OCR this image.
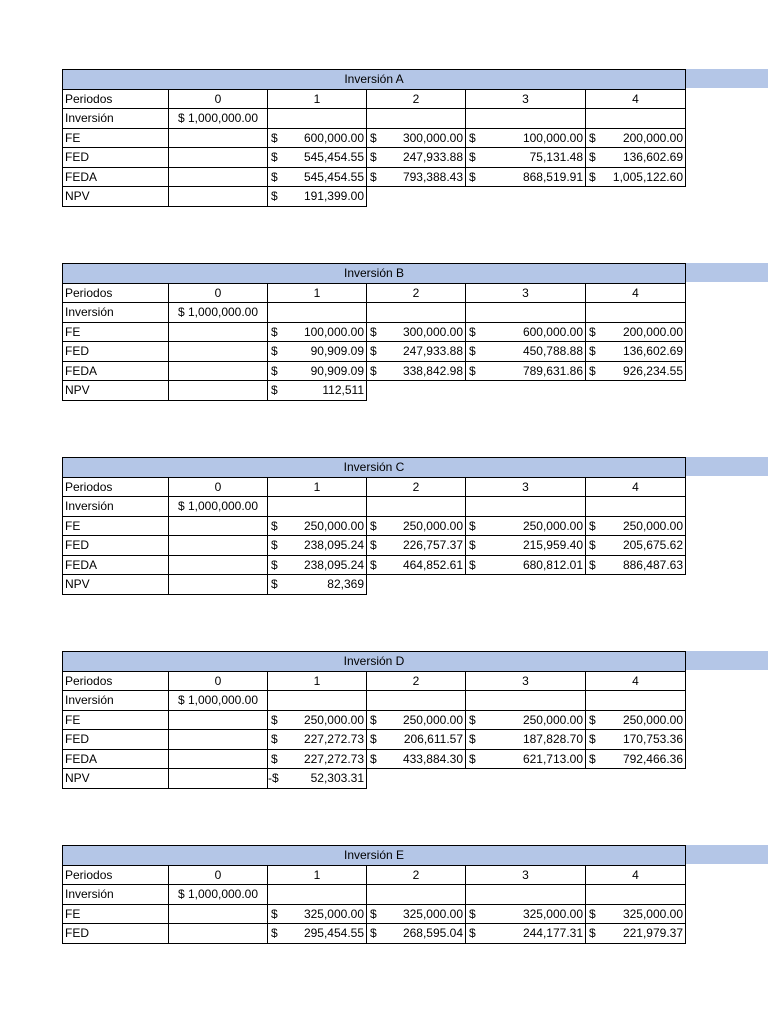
Inversión A					
Periodos	0	1	2	3	4
Inversión	$ 1,000,000.00				
FE		$ 600,000.00	$ 300,000.00	$ 100,000.00	$ 200,000.00
FED		$ 545,454.55	$ 247,933.88	$ 75,131.48	$ 136,602.69
FEDA		$ 545,454.55	$ 793,388.43	$ 868,519.91	$ 1,005,122.60
NPV		$ 191,399.00			
Inversión B					
Periodos	0	1	2	3	4
Inversión	$ 1,000,000.00				
FE		$ 100,000.00	$ 300,000.00	$ 600,000.00	$ 200,000.00
FED		$ 90,909.09	$ 247,933.88	$ 450,788.88	$ 136,602.69
FEDA		$ 90,909.09	$ 338,842.98	$ 789,631.86	$ 926,234.55
NPV		$ 112,511			
Inversión C					
Periodos	0	1	2	3	4
Inversión	$ 1,000,000.00				
FE		$ 250,000.00	$ 250,000.00	$ 250,000.00	$ 250,000.00
FED		$ 238,095.24	$ 226,757.37	$ 215,959.40	$ 205,675.62
FEDA		$ 238,095.24	$ 464,852.61	$ 680,812.01	$ 886,487.63
NPV		$ 82,369			
Inversión D					
Periodos	0	1	2	3	4
Inversión	$ 1,000,000.00				
FE		$ 250,000.00	$ 250,000.00	$ 250,000.00	$ 250,000.00
FED		$ 227,272.73	$ 206,611.57	$ 187,828.70	$ 170,753.36
FEDA		$ 227,272.73	$ 433,884.30	$ 621,713.00	$ 792,466.36
NPV		-$ 52,303.31			
Inversión E					
Periodos	0	1	2	3	4
Inversión	$ 1,000,000.00				
FE		$ 325,000.00	$ 325,000.00	$ 325,000.00	$ 325,000.00
FED		$ 295,454.55	$ 268,595.04	$ 244,177.31	$ 221,979.37
